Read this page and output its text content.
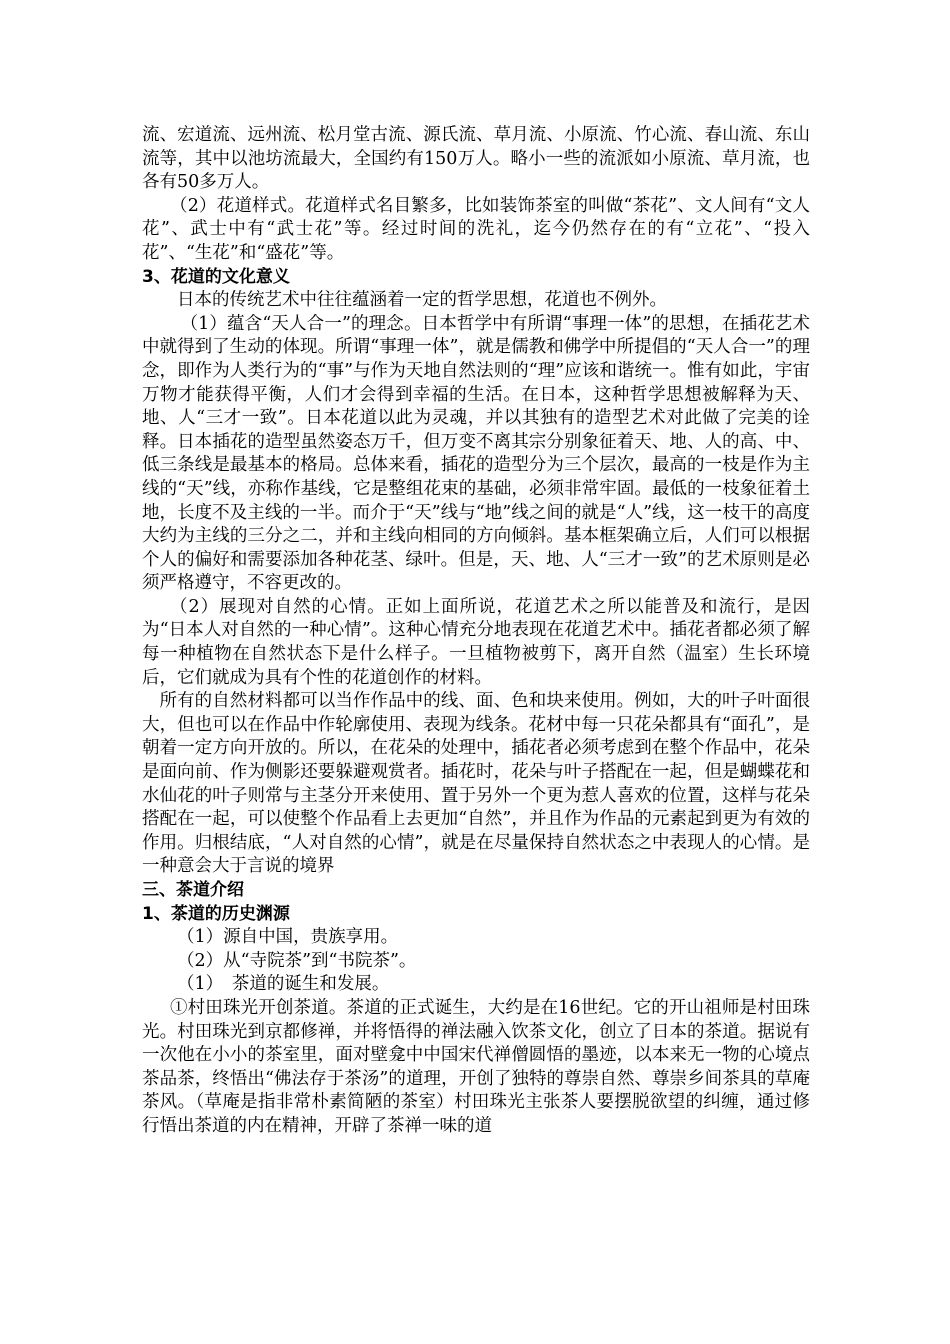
流、宏道流、远州流、松月堂古流、源氏流、草月流、小原流、竹心流、春山流、东山流等，其中以池坊流最大，全国约有150万人。略小一些的流派如小原流、草月流，也各有50多万人。

（2）花道样式。花道样式名目繁多，比如装饰茶室的叫做“茶花”、文人间有“文人花”、武士中有“武士花”等。经过时间的洗礼，迄今仍然存在的有“立花”、“投入花”、“生花”和“盛花”等。

3、花道的文化意义

日本的传统艺术中往往蕴涵着一定的哲学思想，花道也不例外。

（1）蕴含“天人合一”的理念。日本哲学中有所谓“事理一体”的思想，在插花艺术中就得到了生动的体现。所谓“事理一体”，就是儒教和佛学中所提倡的“天人合一”的理念，即作为人类行为的“事”与作为天地自然法则的“理”应该和谐统一。惟有如此，宇宙万物才能获得平衡，人们才会得到幸福的生活。在日本，这种哲学思想被解释为天、地、人“三才一致”。日本花道以此为灵魂，并以其独有的造型艺术对此做了完美的诠释。日本插花的造型虽然姿态万千，但万变不离其宗分别象征着天、地、人的高、中、低三条线是最基本的格局。总体来看，插花的造型分为三个层次，最高的一枝是作为主线的“天”线，亦称作基线，它是整组花束的基础，必须非常牢固。最低的一枝象征着土地，长度不及主线的一半。而介于“天”线与“地”线之间的就是“人”线，这一枝干的高度大约为主线的三分之二，并和主线向相同的方向倾斜。基本框架确立后，人们可以根据个人的偏好和需要添加各种花茎、绿叶。但是，天、地、人“三才一致”的艺术原则是必须严格遵守，不容更改的。

（2）展现对自然的心情。正如上面所说，花道艺术之所以能普及和流行，是因为“日本人对自然的一种心情”。这种心情充分地表现在花道艺术中。插花者都必须了解每一种植物在自然状态下是什么样子。一旦植物被剪下，离开自然（温室）生长环境后，它们就成为具有个性的花道创作的材料。

所有的自然材料都可以当作作品中的线、面、色和块来使用。例如，大的叶子叶面很大，但也可以在作品中作轮廓使用、表现为线条。花材中每一只花朵都具有“面孔”，是朝着一定方向开放的。所以，在花朵的处理中，插花者必须考虑到在整个作品中，花朵是面向前、作为侧影还要躲避观赏者。插花时，花朵与叶子搭配在一起，但是蝴蝶花和水仙花的叶子则常与主茎分开来使用、置于另外一个更为惹人喜欢的位置，这样与花朵搭配在一起，可以使整个作品看上去更加“自然”，并且作为作品的元素起到更为有效的作用。归根结底，“人对自然的心情”，就是在尽量保持自然状态之中表现人的心情。是一种意会大于言说的境界

三、茶道介绍

1、茶道的历史渊源

（1）源自中国，贵族享用。

（2）从“寺院茶”到“书院茶”。

（1）　茶道的诞生和发展。

①村田珠光开创茶道。茶道的正式诞生，大约是在16世纪。它的开山祖师是村田珠光。村田珠光到京都修禅，并将悟得的禅法融入饮茶文化，创立了日本的茶道。据说有一次他在小小的茶室里，面对壁龛中中国宋代禅僧圆悟的墨迹，以本来无一物的心境点茶品茶，终悟出“佛法存于茶汤”的道理，开创了独特的尊崇自然、尊崇乡间茶具的草庵茶风。（草庵是指非常朴素简陋的茶室）村田珠光主张茶人要摆脱欲望的纠缠，通过修行悟出茶道的内在精神，开辟了茶禅一味的道
